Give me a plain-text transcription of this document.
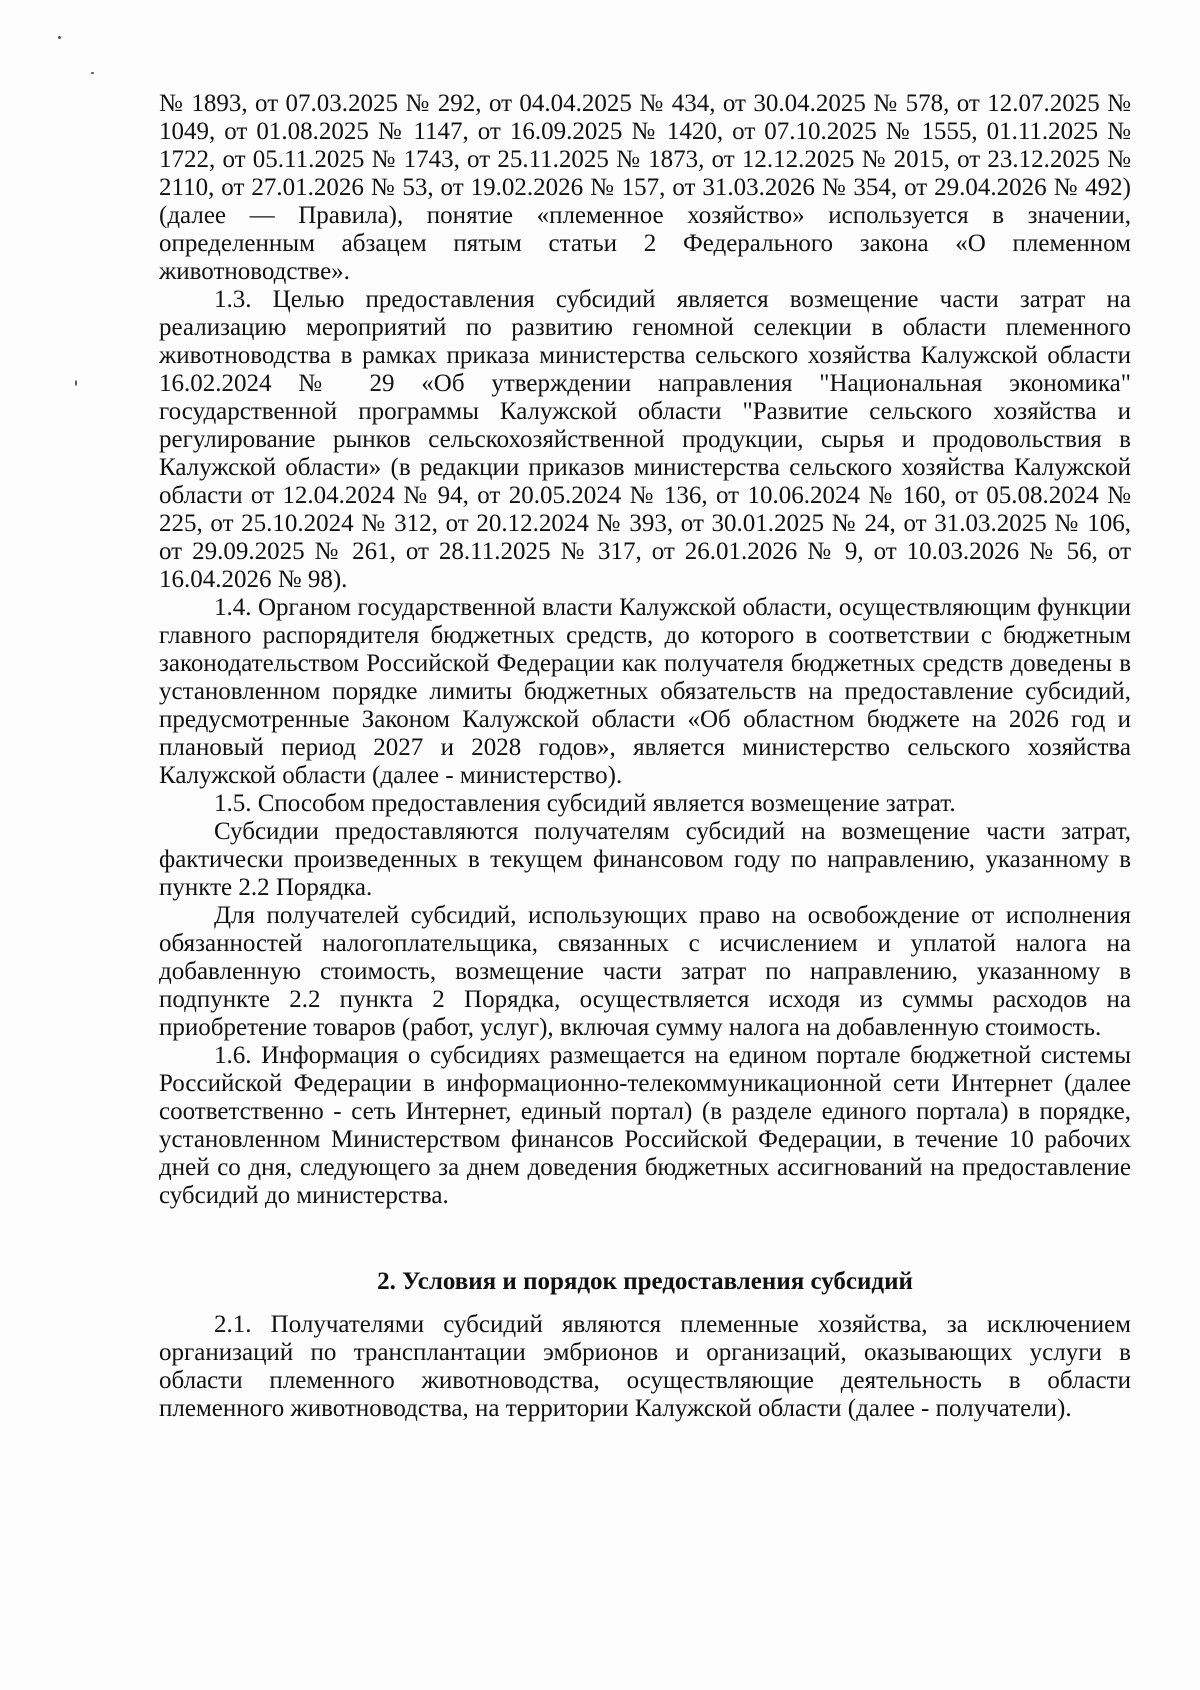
№ 1893, от 07.03.2025 № 292, от 04.04.2025 № 434, от 30.04.2025 № 578, от 12.07.2025 № 1049, от 01.08.2025 № 1147, от 16.09.2025 № 1420, от 07.10.2025 № 1555, 01.11.2025 № 1722, от 05.11.2025 № 1743, от 25.11.2025 № 1873, от 12.12.2025 № 2015, от 23.12.2025 № 2110, от 27.01.2026 № 53, от 19.02.2026 № 157, от 31.03.2026 № 354, от 29.04.2026 № 492) (далее — Правила), понятие «племенное хозяйство» используется в значении, определенным абзацем пятым статьи 2 Федерального закона «О племенном животноводстве».

1.3. Целью предоставления субсидий является возмещение части затрат на реализацию мероприятий по развитию геномной селекции в области племенного животноводства в рамках приказа министерства сельского хозяйства Калужской области 16.02.2024 № 29 «Об утверждении направления "Национальная экономика" государственной программы Калужской области "Развитие сельского хозяйства и регулирование рынков сельскохозяйственной продукции, сырья и продовольствия в Калужской области» (в редакции приказов министерства сельского хозяйства Калужской области от 12.04.2024 № 94, от 20.05.2024 № 136, от 10.06.2024 № 160, от 05.08.2024 № 225, от 25.10.2024 № 312, от 20.12.2024 № 393, от 30.01.2025 № 24, от 31.03.2025 № 106, от 29.09.2025 № 261, от 28.11.2025 № 317, от 26.01.2026 № 9, от 10.03.2026 № 56, от 16.04.2026 № 98).

1.4. Органом государственной власти Калужской области, осуществляющим функции главного распорядителя бюджетных средств, до которого в соответствии с бюджетным законодательством Российской Федерации как получателя бюджетных средств доведены в установленном порядке лимиты бюджетных обязательств на предоставление субсидий, предусмотренные Законом Калужской области «Об областном бюджете на 2026 год и плановый период 2027 и 2028 годов», является министерство сельского хозяйства Калужской области (далее - министерство).

1.5. Способом предоставления субсидий является возмещение затрат.

Субсидии предоставляются получателям субсидий на возмещение части затрат, фактически произведенных в текущем финансовом году по направлению, указанному в пункте 2.2 Порядка.

Для получателей субсидий, использующих право на освобождение от исполнения обязанностей налогоплательщика, связанных с исчислением и уплатой налога на добавленную стоимость, возмещение части затрат по направлению, указанному в подпункте 2.2 пункта 2 Порядка, осуществляется исходя из суммы расходов на приобретение товаров (работ, услуг), включая сумму налога на добавленную стоимость.

1.6. Информация о субсидиях размещается на едином портале бюджетной системы Российской Федерации в информационно-телекоммуникационной сети Интернет (далее соответственно - сеть Интернет, единый портал) (в разделе единого портала) в порядке, установленном Министерством финансов Российской Федерации, в течение 10 рабочих дней со дня, следующего за днем доведения бюджетных ассигнований на предоставление субсидий до министерства.

2. Условия и порядок предоставления субсидий

2.1. Получателями субсидий являются племенные хозяйства, за исключением организаций по трансплантации эмбрионов и организаций, оказывающих услуги в области племенного животноводства, осуществляющие деятельность в области племенного животноводства, на территории Калужской области (далее - получатели).
